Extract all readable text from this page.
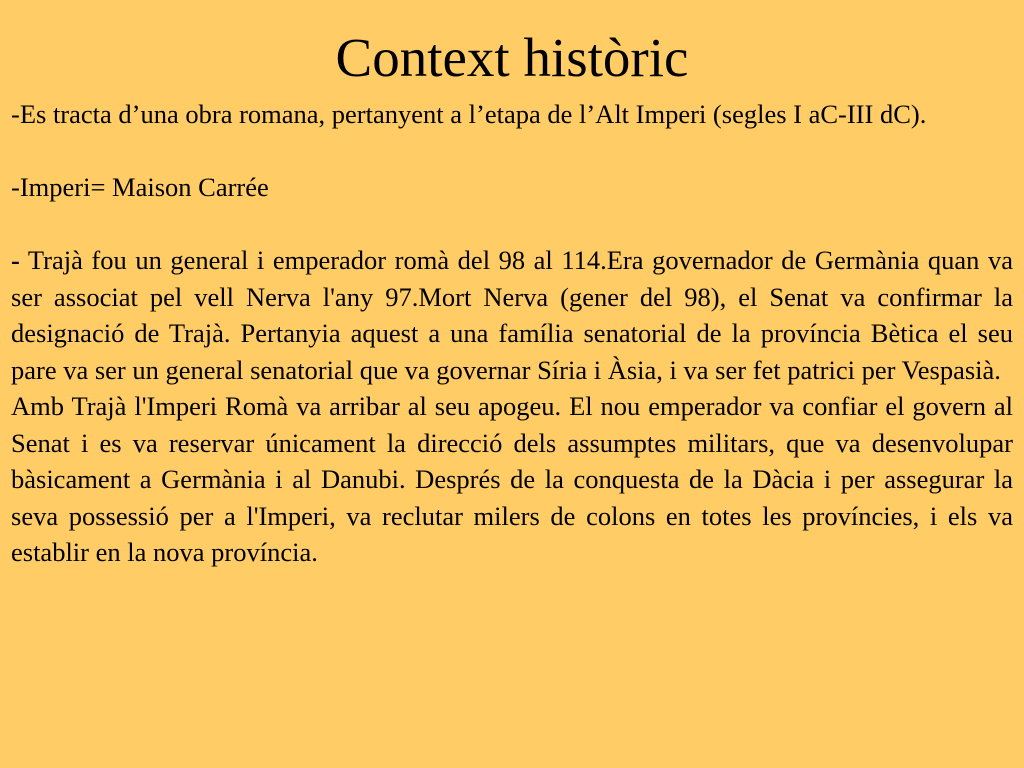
Context històric

-Es tracta d’una obra romana, pertanyent a l’etapa de l’Alt Imperi (segles I aC-III dC).

-Imperi= Maison Carrée

- Trajà fou un general i emperador romà del 98 al 114.Era governador de Germània quan va ser associat pel vell Nerva l'any 97.Mort Nerva (gener del 98), el Senat va confirmar la designació de Trajà. Pertanyia aquest a una família senatorial de la província Bètica el seu pare va ser un general senatorial que va governar Síria i Àsia, i va ser fet patrici per Vespasià.

Amb Trajà l'Imperi Romà va arribar al seu apogeu. El nou emperador va confiar el govern al Senat i es va reservar únicament la direcció dels assumptes militars, que va desenvolupar bàsicament a Germània i al Danubi. Després de la conquesta de la Dàcia i per assegurar la seva possessió per a l'Imperi, va reclutar milers de colons en totes les províncies, i els va establir en la nova província.
